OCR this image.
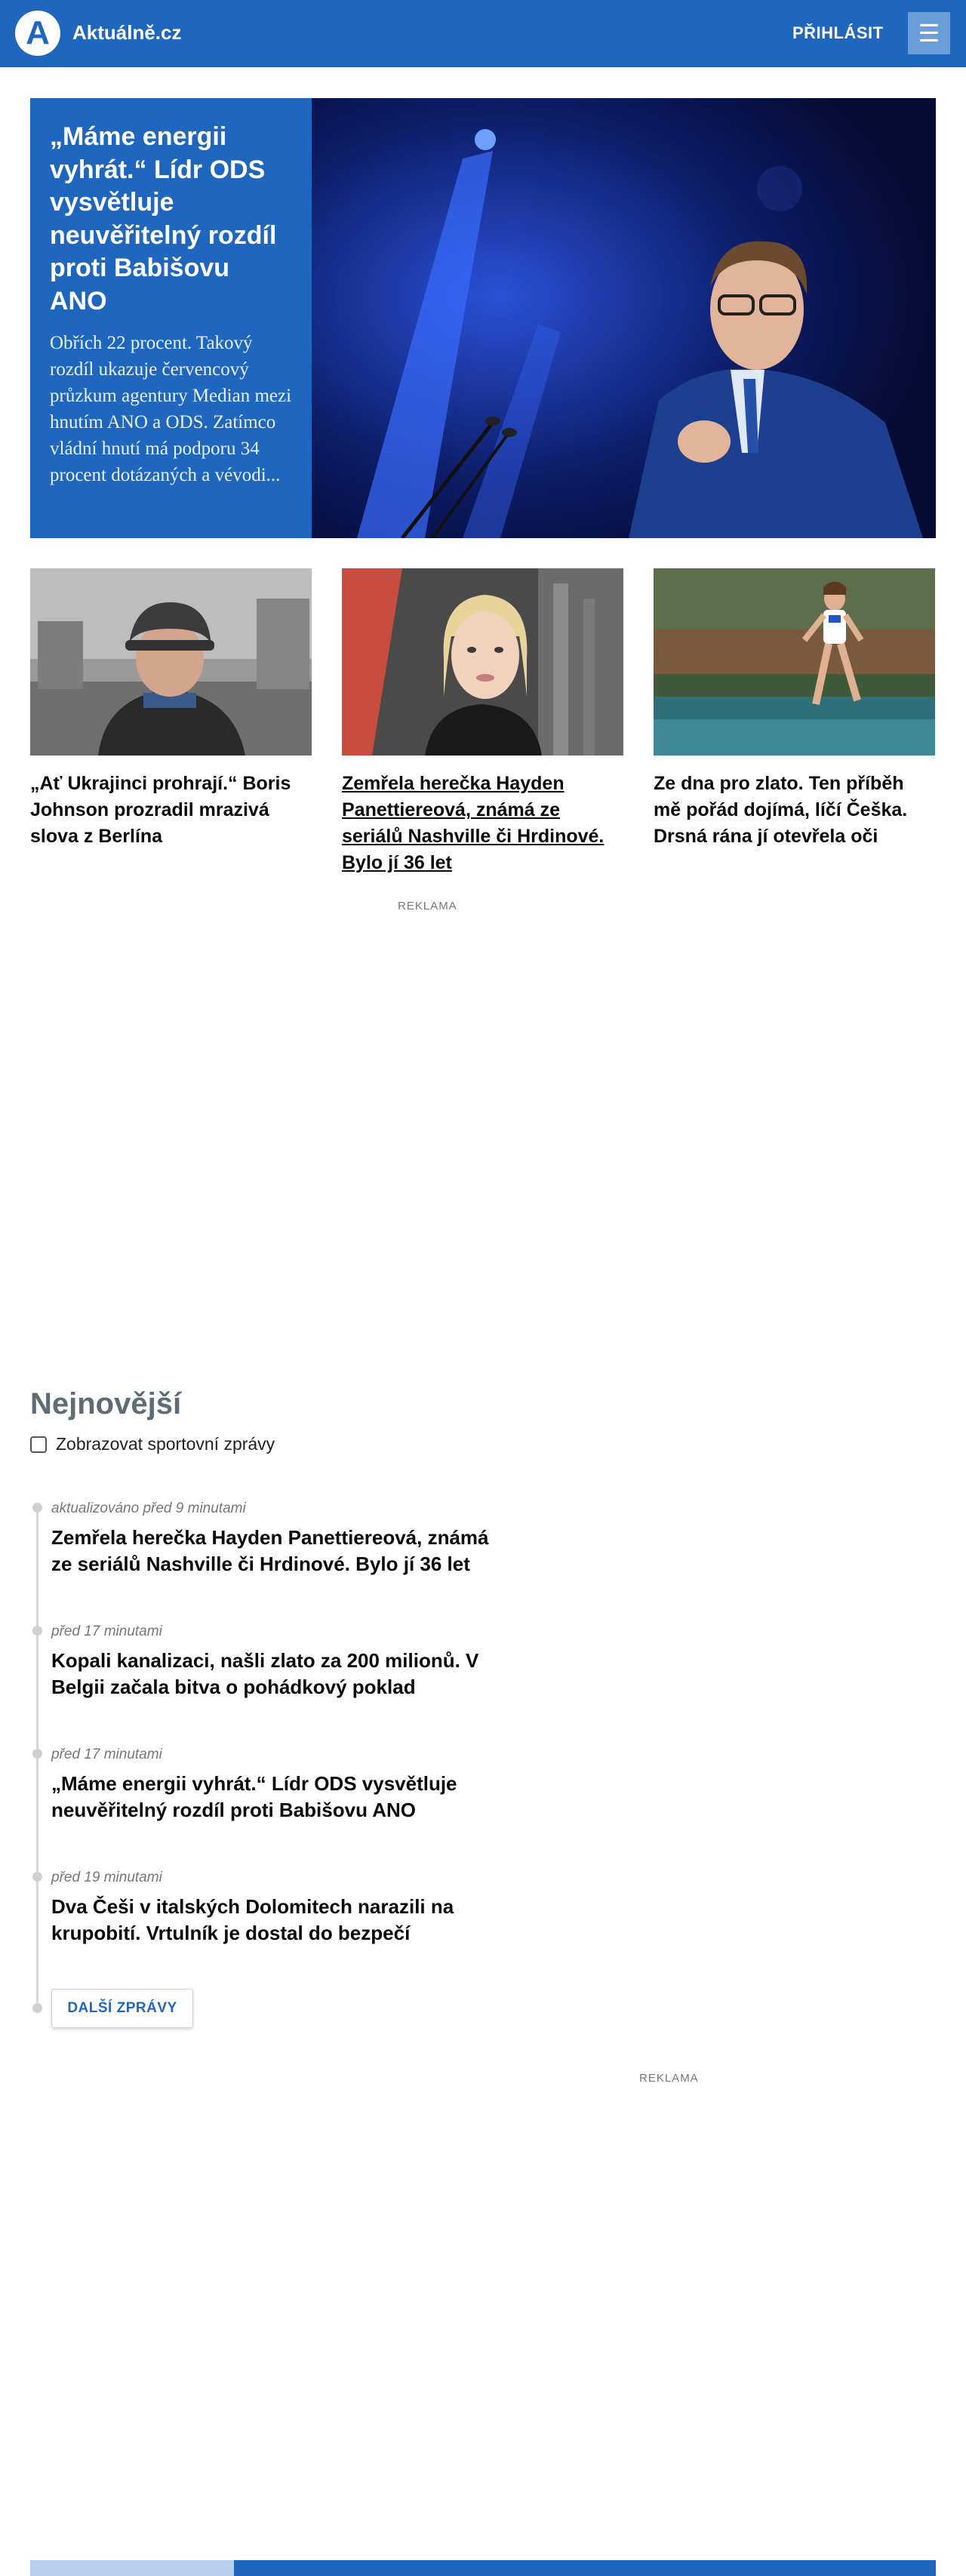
A Aktuálně.cz	PŘIHLÁSIT ☰
„Máme energii vyhrát.“ Lídr ODS vysvětluje neuvěřitelný rozdíl proti Babišovu ANO
Obřích 22 procent. Takový rozdíl ukazuje červencový průzkum agentury Median mezi hnutím ANO a ODS. Zatímco vládní hnutí má podporu 34 procent dotázaných a vévodi...
„Ať Ukrajinci prohrají.“ Boris Johnson prozradil mrazivá slova z Berlína
Zemřela herečka Hayden Panettiereová, známá ze seriálů Nashville či Hrdinové. Bylo jí 36 let
Ze dna pro zlato. Ten příběh mě pořád dojímá, líčí Češka. Drsná rána jí otevřela oči
REKLAMA
Nejnovější
Zobrazovat sportovní zprávy
aktualizováno před 9 minutami
Zemřela herečka Hayden Panettiereová, známá ze seriálů Nashville či Hrdinové. Bylo jí 36 let
před 17 minutami
Kopali kanalizaci, našli zlato za 200 milionů. V Belgii začala bitva o pohádkový poklad
před 17 minutami
„Máme energii vyhrát.“ Lídr ODS vysvětluje neuvěřitelný rozdíl proti Babišovu ANO
před 19 minutami
Dva Češi v italských Dolomitech narazili na krupobití. Vrtulník je dostal do bezpečí
DALŠÍ ZPRÁVY
REKLAMA
